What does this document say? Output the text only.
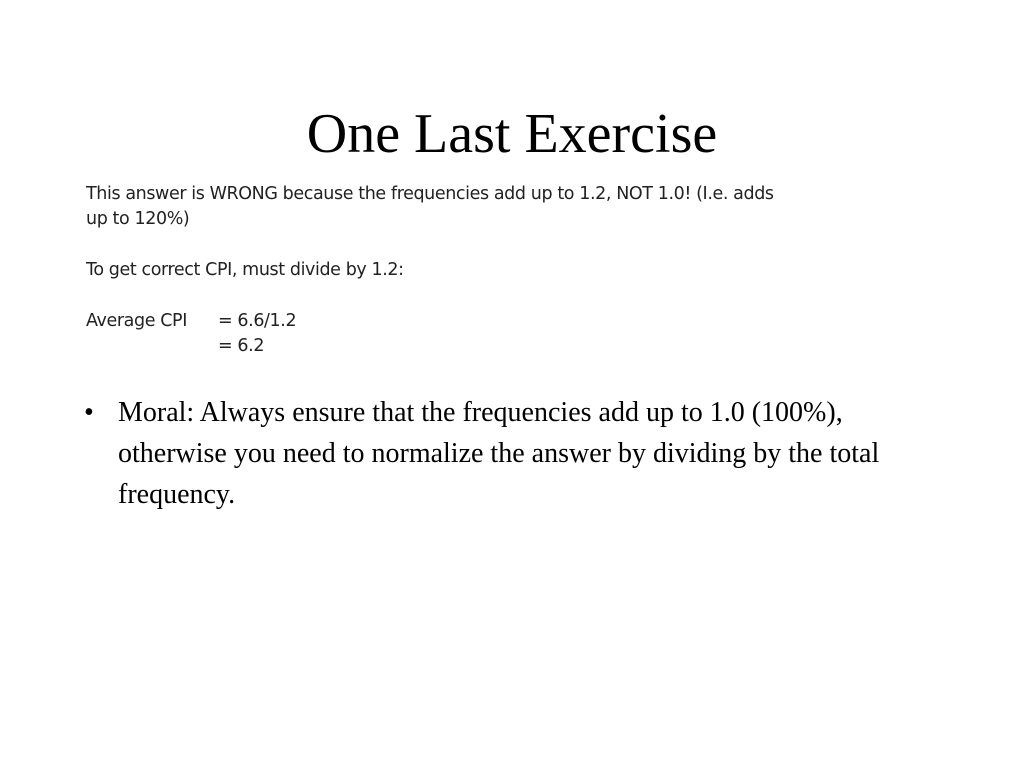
One Last Exercise
This answer is WRONG because the frequencies add up to 1.2, NOT 1.0! (I.e. adds
up to 120%)
To get correct CPI, must divide by 1.2:
Average CPI = 6.6/1.2
= 6.2
• Moral: Always ensure that the frequencies add up to 1.0 (100%), otherwise you need to normalize the answer by dividing by the total frequency.
